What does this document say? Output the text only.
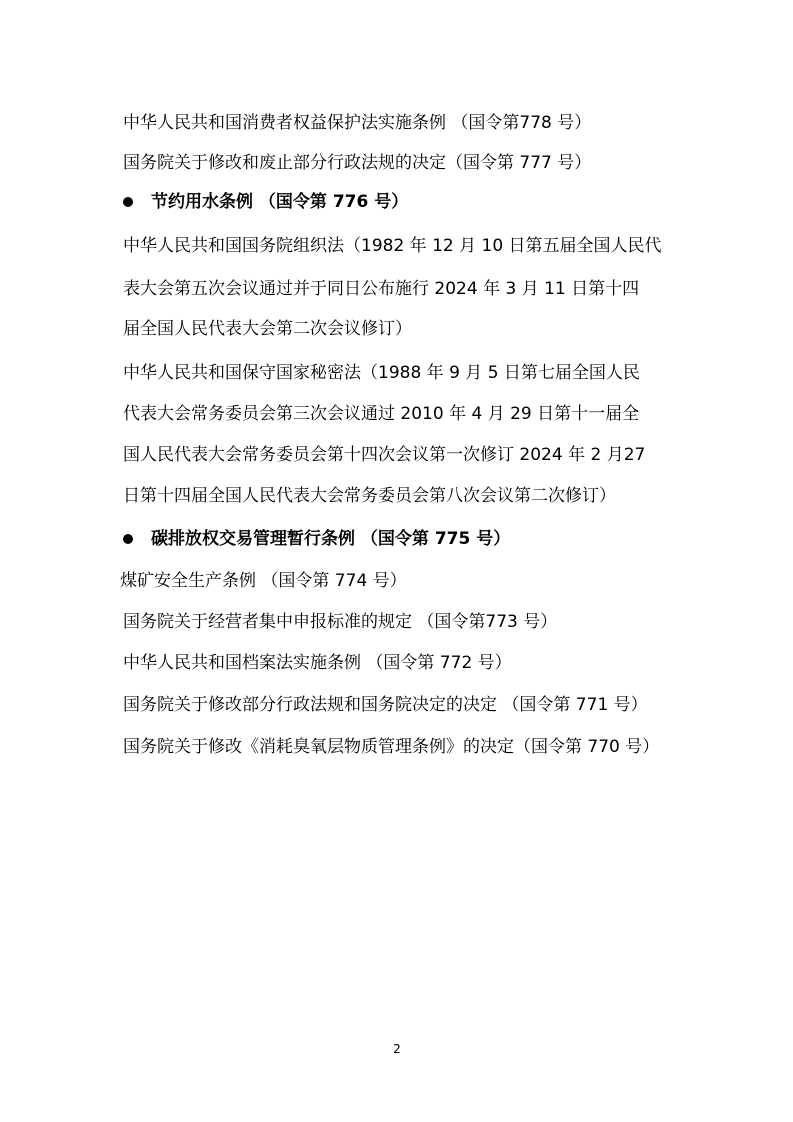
中华人民共和国消费者权益保护法实施条例 （国令第778 号）
国务院关于修改和废止部分行政法规的决定（国令第 777 号）
节约用水条例 （国令第 776 号）
中华人民共和国国务院组织法（1982 年 12 月 10 日第五届全国人民代
表大会第五次会议通过并于同日公布施行 2024 年 3 月 11 日第十四
届全国人民代表大会第二次会议修订）
中华人民共和国保守国家秘密法（1988 年 9 月 5 日第七届全国人民
代表大会常务委员会第三次会议通过 2010 年 4 月 29 日第十一届全
国人民代表大会常务委员会第十四次会议第一次修订 2024 年 2 月27
日第十四届全国人民代表大会常务委员会第八次会议第二次修订）
碳排放权交易管理暂行条例 （国令第 775 号）
煤矿安全生产条例 （国令第 774 号）
国务院关于经营者集中申报标准的规定 （国令第773 号）
中华人民共和国档案法实施条例 （国令第 772 号）
国务院关于修改部分行政法规和国务院决定的决定 （国令第 771 号）
国务院关于修改《消耗臭氧层物质管理条例》的决定（国令第 770 号）
2
